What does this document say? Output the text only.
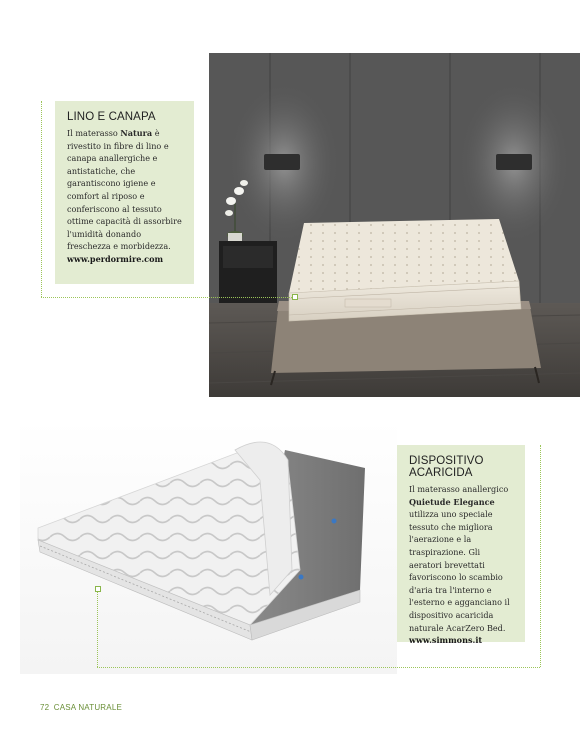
LINO E CANAPA

Il materasso Natura è rivestito in fibre di lino e canapa anallergiche e antistatiche, che garantiscono igiene e comfort al riposo e conferiscono al tessuto ottime capacità di assorbire l'umidità donando freschezza e morbidezza.

www.perdormire.com
DISPOSITIVO
ACARICIDA

Il materasso anallergico Quietude Elegance utilizza uno speciale tessuto che migliora l'aerazione e la traspirazione. Gli aeratori brevettati favoriscono lo scambio d'aria tra l'interno e l'esterno e agganciano il dispositivo acaricida naturale AcarZero Bed.

www.simmons.it
72 CASA NATURALE
